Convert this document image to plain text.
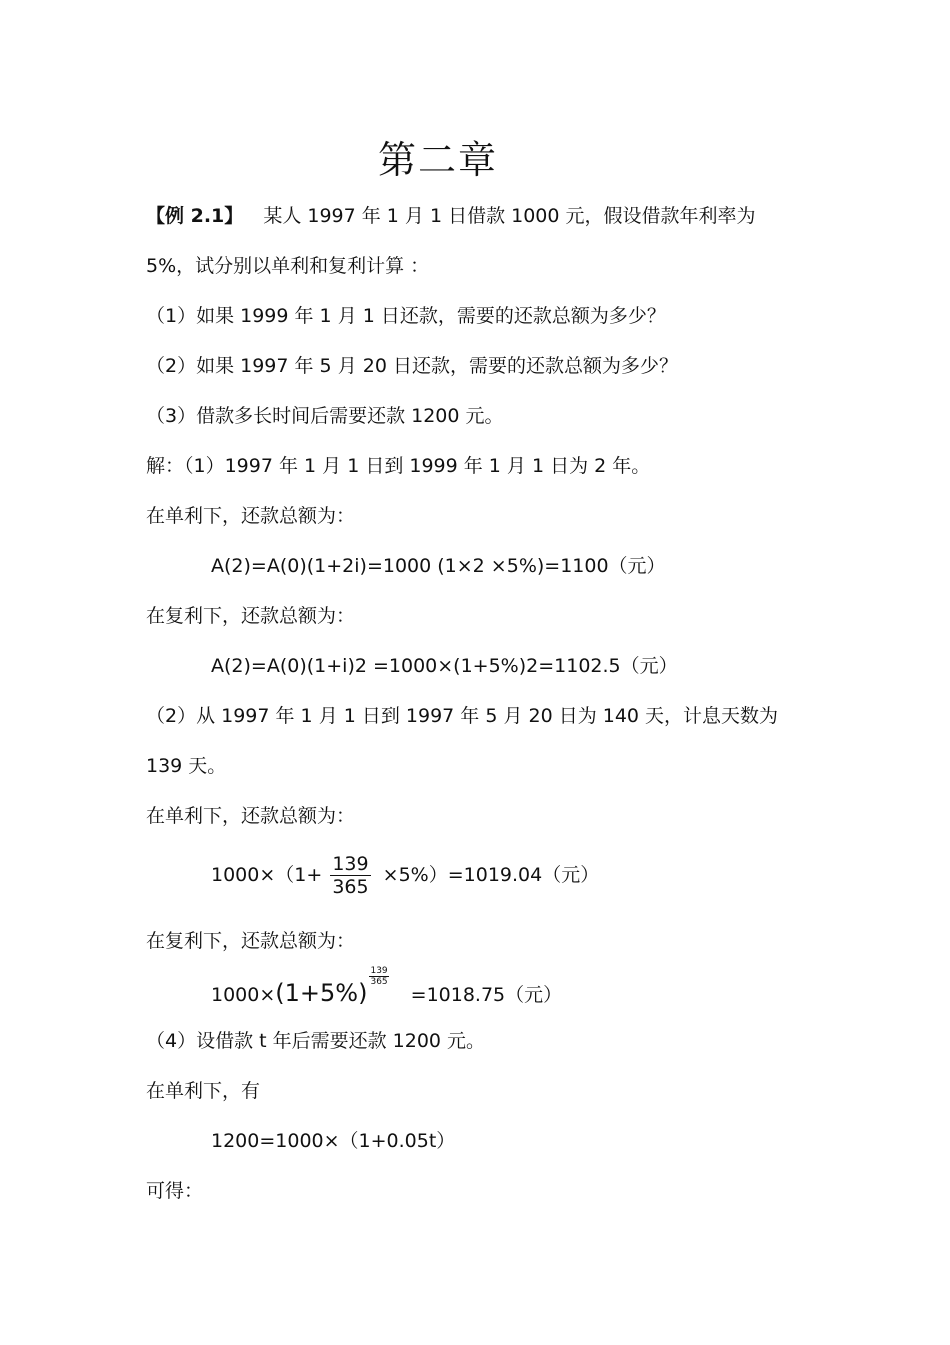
第二章
【例 2.1】 某人 1997 年 1 月 1 日借款 1000 元，假设借款年利率为
5%，试分别以单利和复利计算 ：
（1）如果 1999 年 1 月 1 日还款，需要的还款总额为多少？
（2）如果 1997 年 5 月 20 日还款，需要的还款总额为多少？
（3）借款多长时间后需要还款 1200 元。
解：（1）1997 年 1 月 1 日到 1999 年 1 月 1 日为 2 年。
在单利下，还款总额为：
A(2)=A(0)(1+2i)=1000 (1×2 ×5%)=1100（元）
在复利下，还款总额为：
A(2)=A(0)(1+i)2 =1000×(1+5%)2=1102.5（元）
（2）从 1997 年 1 月 1 日到 1997 年 5 月 20 日为 140 天，计息天数为
139 天。
在单利下，还款总额为：
$1000\times(1+ \frac{139}{365} \times 5\%)=1019.04$（元）
在复利下，还款总额为：
1000×(1+5%)
$\frac{139}{365}$
=1018.75（元）
（4）设借款 t 年后需要还款 1200 元。
在单利下，有
1200=1000×（1+0.05t）
可得：
